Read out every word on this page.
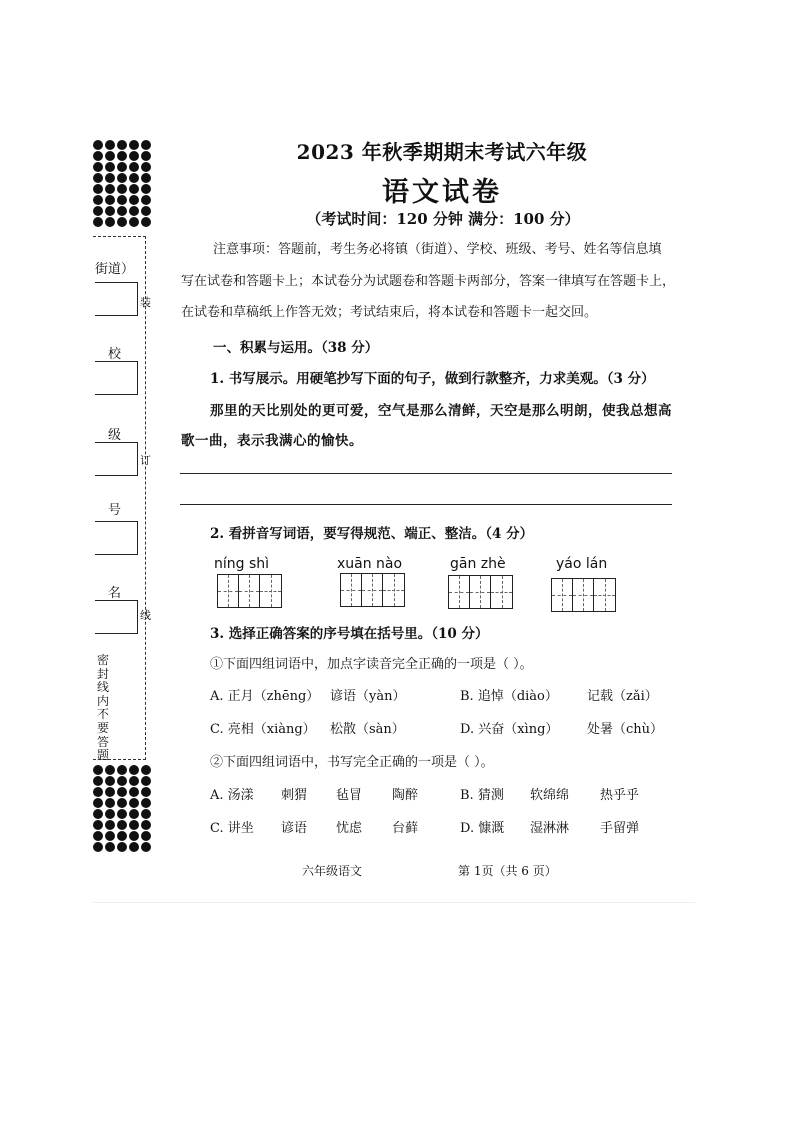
街道）
校
级
号
名
装
订
线
密封线内不要答题
2023 年秋季期期末考试六年级
语文试卷
（考试时间：120 分钟 满分：100 分）
注意事项：答题前，考生务必将镇（街道）、学校、班级、考号、姓名等信息填
写在试卷和答题卡上；本试卷分为试题卷和答题卡两部分，答案一律填写在答题卡上，
在试卷和草稿纸上作答无效；考试结束后，将本试卷和答题卡一起交回。
一、积累与运用。（38 分）
1. 书写展示。用硬笔抄写下面的句子，做到行款整齐，力求美观。（3 分）
那里的天比别处的更可爱，空气是那么清鲜，天空是那么明朗，使我总想高
歌一曲，表示我满心的愉快。
2. 看拼音写词语，要写得规范、端正、整洁。（4 分）
níng shì	xuān nào	gān zhè	yáo lán
3. 选择正确答案的序号填在括号里。（10 分）
①下面四组词语中，加点字读音完全正确的一项是（ ）。
A. 正月（zhēng） 谚语（yàn）	B. 追悼（diào） 记载（zǎi）
C. 亮相（xiàng） 松散（sàn）	D. 兴奋（xìng） 处暑（chù）
②下面四组词语中，书写完全正确的一项是（ ）。
A. 汤漾 刺猬 毡冒 陶醉	B. 猜测 软绵绵 热乎乎
C. 讲坐 谚语 忧虑 台藓	D. 慷溉 湿淋淋 手留弹
六年级语文	第 1页（共 6 页）
